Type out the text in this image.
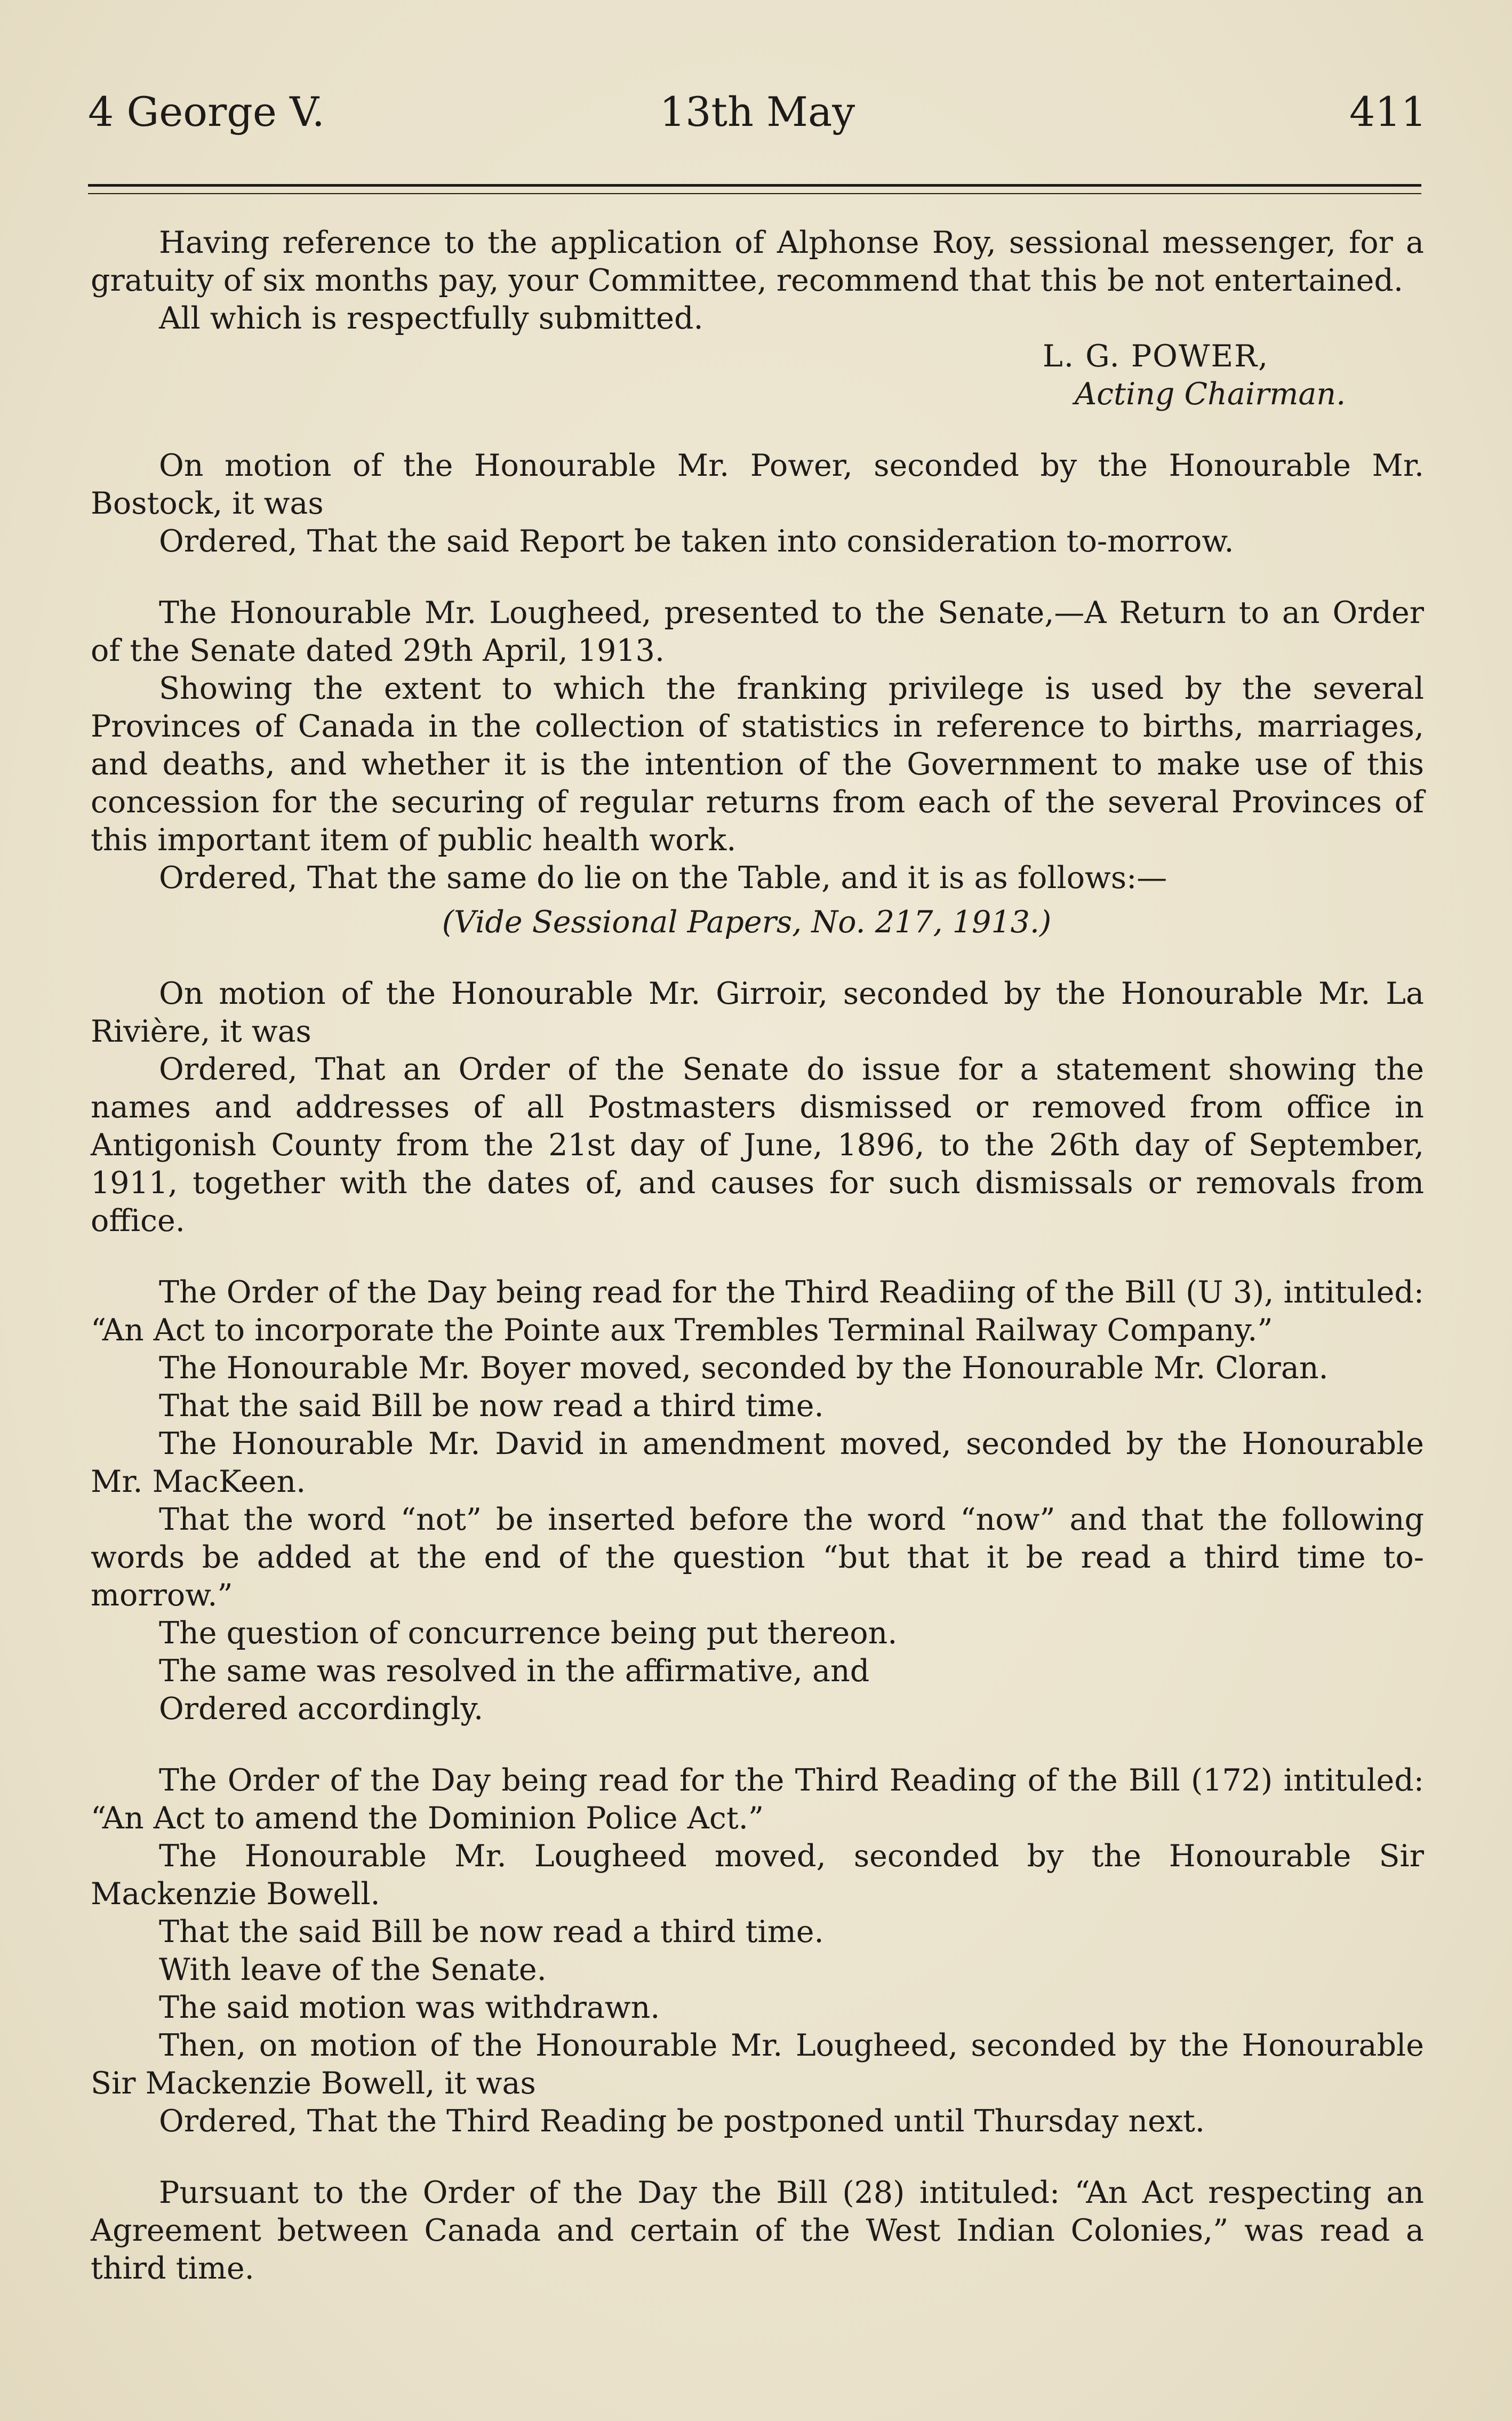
4 George V.	13th May	411

Having reference to the application of Alphonse Roy, sessional messenger, for a gratuity of six months pay, your Committee, recommend that this be not entertained.

All which is respectfully submitted.

L. G. POWER,
Acting Chairman.

On motion of the Honourable Mr. Power, seconded by the Honourable Mr. Bostock, it was

Ordered, That the said Report be taken into consideration to-morrow.

The Honourable Mr. Lougheed, presented to the Senate,—A Return to an Order of the Senate dated 29th April, 1913.

Showing the extent to which the franking privilege is used by the several Provinces of Canada in the collection of statistics in reference to births, marriages, and deaths, and whether it is the intention of the Government to make use of this concession for the securing of regular returns from each of the several Provinces of this important item of public health work.

Ordered, That the same do lie on the Table, and it is as follows:—

(Vide Sessional Papers, No. 217, 1913.)

On motion of the Honourable Mr. Girroir, seconded by the Honourable Mr. La Rivière, it was

Ordered, That an Order of the Senate do issue for a statement showing the names and addresses of all Postmasters dismissed or removed from office in Antigonish County from the 21st day of June, 1896, to the 26th day of September, 1911, together with the dates of, and causes for such dismissals or removals from office.

The Order of the Day being read for the Third Readiing of the Bill (U 3), intituled: “An Act to incorporate the Pointe aux Trembles Terminal Railway Company.”

The Honourable Mr. Boyer moved, seconded by the Honourable Mr. Cloran.

That the said Bill be now read a third time.

The Honourable Mr. David in amendment moved, seconded by the Honourable Mr. MacKeen.

That the word “not” be inserted before the word “now” and that the following words be added at the end of the question “but that it be read a third time to-morrow.”

The question of concurrence being put thereon.

The same was resolved in the affirmative, and

Ordered accordingly.

The Order of the Day being read for the Third Reading of the Bill (172) intituled: “An Act to amend the Dominion Police Act.”

The Honourable Mr. Lougheed moved, seconded by the Honourable Sir Mackenzie Bowell.

That the said Bill be now read a third time.

With leave of the Senate.

The said motion was withdrawn.

Then, on motion of the Honourable Mr. Lougheed, seconded by the Honourable Sir Mackenzie Bowell, it was

Ordered, That the Third Reading be postponed until Thursday next.

Pursuant to the Order of the Day the Bill (28) intituled: “An Act respecting an Agreement between Canada and certain of the West Indian Colonies,” was read a third time.
